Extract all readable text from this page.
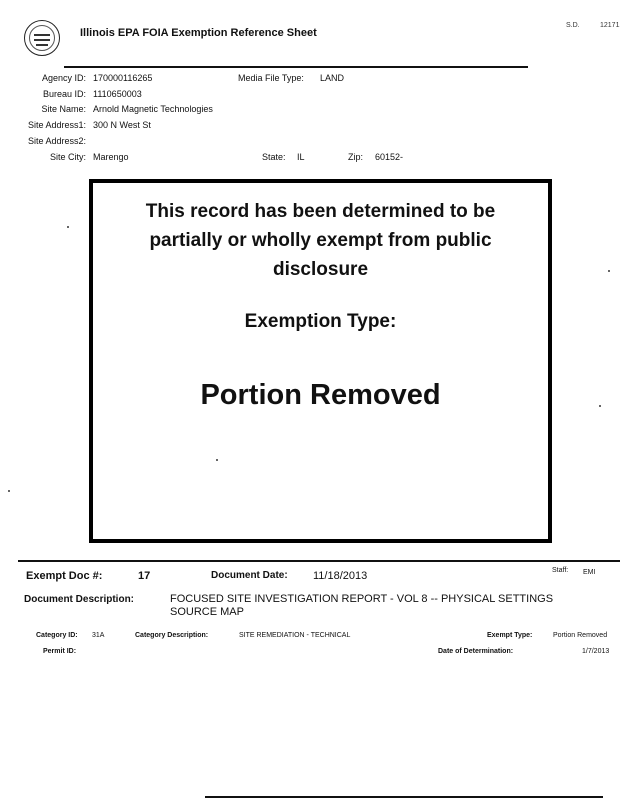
Illinois EPA FOIA Exemption Reference Sheet
S.D.	12171
Agency ID: 170000116265	Media File Type: LAND
Bureau ID: 1110650003
Site Name: Arnold Magnetic Technologies
Site Address1: 300 N West St
Site Address2:
Site City: Marengo	State: IL	Zip: 60152-
This record has been determined to be partially or wholly exempt from public disclosure
Exemption Type:
Portion Removed
Exempt Doc #:	17	Document Date: 11/18/2013	Staff: EMI
Document Description:	FOCUSED SITE INVESTIGATION REPORT - VOL 8 -- PHYSICAL SETTINGS
SOURCE MAP
Category ID: 31A	Category Description:	SITE REMEDIATION - TECHNICAL	Exempt Type:	Portion Removed
Permit ID:	Date of Determination:	1/7/2013
